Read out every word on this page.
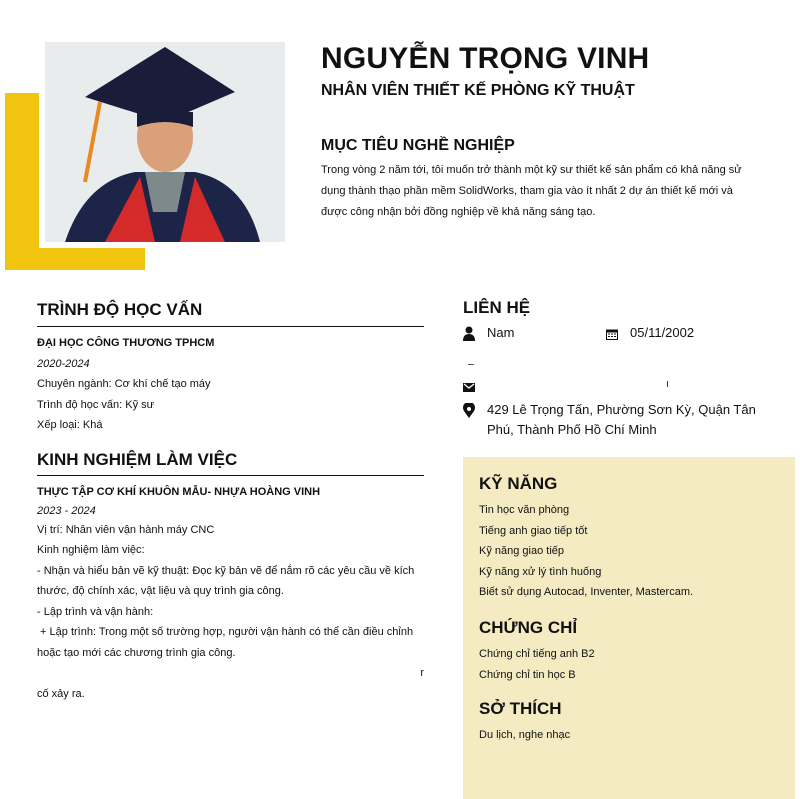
NGUYỄN TRỌNG VINH
NHÂN VIÊN THIẾT KẾ PHÒNG KỸ THUẬT
MỤC TIÊU NGHỀ NGHIỆP
Trong vòng 2 năm tới, tôi muốn trở thành một kỹ sư thiết kế sản phẩm có khả năng sử
dụng thành thạo phần mềm SolidWorks, tham gia vào ít nhất 2 dự án thiết kế mới và
được công nhận bởi đồng nghiệp về khả năng sáng tạo.
TRÌNH ĐỘ HỌC VẤN
ĐẠI HỌC CÔNG THƯƠNG TPHCM
2020-2024
Chuyên ngành: Cơ khí chế tạo máy
Trình độ học vấn: Kỹ sư
Xếp loại: Khá
KINH NGHIỆM LÀM VIỆC
THỰC TẬP CƠ KHÍ KHUÔN MẪU- NHỰA HOÀNG VINH
2023 - 2024
Vị trí: Nhân viên vận hành máy CNC
Kinh nghiệm làm việc:
- Nhận và hiểu bản vẽ kỹ thuật: Đọc kỹ bản vẽ để nắm rõ các yêu cầu về kích
thước, độ chính xác, vật liệu và quy trình gia công.
- Lập trình và vận hành:
+ Lập trình: Trong một số trường hợp, người vận hành có thể cần điều chỉnh
hoặc tạo mới các chương trình gia công.
r
cố xảy ra.
LIÊN HỆ
Nam	05/11/2002
429 Lê Trọng Tấn, Phường Sơn Kỳ, Quận Tân
Phú, Thành Phố Hồ Chí Minh
KỸ NĂNG
Tin học văn phòng
Tiếng anh giao tiếp tốt
Kỹ năng giao tiếp
Kỹ năng xử lý tình huống
Biết sử dụng Autocad, Inventer, Mastercam.
CHỨNG CHỈ
Chứng chỉ tiếng anh B2
Chứng chỉ tin học B
SỞ THÍCH
Du lịch, nghe nhạc
